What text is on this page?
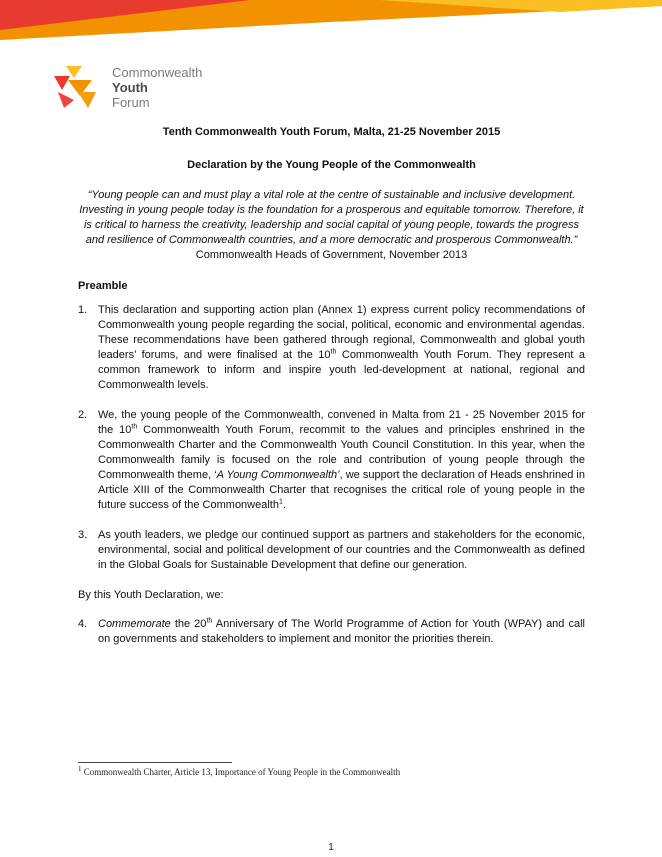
Commonwealth
Youth
Forum
Tenth Commonwealth Youth Forum, Malta, 21-25 November 2015
Declaration by the Young People of the Commonwealth

“Young people can and must play a vital role at the centre of sustainable and inclusive development. Investing in young people today is the foundation for a prosperous and equitable tomorrow. Therefore, it is critical to harness the creativity, leadership and social capital of young people, towards the progress and resilience of Commonwealth countries, and a more democratic and prosperous Commonwealth.”

Commonwealth Heads of Government, November 2013

Preamble
1. This declaration and supporting action plan (Annex 1) express current policy recommendations of Commonwealth young people regarding the social, political, economic and environmental agendas. These recommendations have been gathered through regional, Commonwealth and global youth leaders’ forums, and were finalised at the 10th Commonwealth Youth Forum. They represent a common framework to inform and inspire youth led-development at national, regional and Commonwealth levels.
2. We, the young people of the Commonwealth, convened in Malta from 21 - 25 November 2015 for the 10th Commonwealth Youth Forum, recommit to the values and principles enshrined in the Commonwealth Charter and the Commonwealth Youth Council Constitution. In this year, when the Commonwealth family is focused on the role and contribution of young people through the Commonwealth theme, ‘A Young Commonwealth’, we support the declaration of Heads enshrined in Article XIII of the Commonwealth Charter that recognises the critical role of young people in the future success of the Commonwealth$^1$.
3. As youth leaders, we pledge our continued support as partners and stakeholders for the economic, environmental, social and political development of our countries and the Commonwealth as defined in the Global Goals for Sustainable Development that define our generation.

By this Youth Declaration, we:

4. Commemorate the 20th Anniversary of The World Programme of Action for Youth (WPAY) and call on governments and stakeholders to implement and monitor the priorities therein.
$^1$ Commonwealth Charter, Article 13, Importance of Young People in the Commonwealth
1
